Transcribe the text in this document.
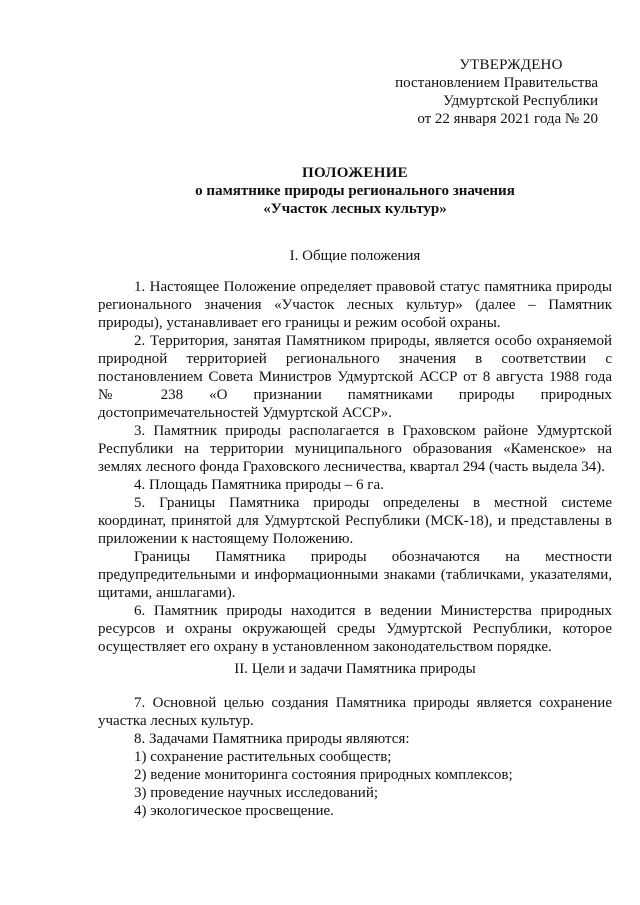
УТВЕРЖДЕНО
постановлением Правительства
Удмуртской Республики
от 22 января 2021 года № 20
ПОЛОЖЕНИЕ
о памятнике природы регионального значения
«Участок лесных культур»
I. Общие положения

1. Настоящее Положение определяет правовой статус памятника природы регионального значения «Участок лесных культур» (далее – Памятник природы), устанавливает его границы и режим особой охраны.

2. Территория, занятая Памятником природы, является особо охраняемой природной территорией регионального значения в соответствии с постановлением Совета Министров Удмуртской АССР от 8 августа 1988 года № 238 «О признании памятниками природы природных достопримечательностей Удмуртской АССР».

3. Памятник природы располагается в Граховском районе Удмуртской Республики на территории муниципального образования «Каменское» на землях лесного фонда Граховского лесничества, квартал 294 (часть выдела 34).

4. Площадь Памятника природы – 6 га.

5. Границы Памятника природы определены в местной системе координат, принятой для Удмуртской Республики (МСК-18), и представлены в приложении к настоящему Положению.

Границы Памятника природы обозначаются на местности предупредительными и информационными знаками (табличками, указателями, щитами, аншлагами).

6. Памятник природы находится в ведении Министерства природных ресурсов и охраны окружающей среды Удмуртской Республики, которое осуществляет его охрану в установленном законодательством порядке.

II. Цели и задачи Памятника природы

7. Основной целью создания Памятника природы является сохранение участка лесных культур.

8. Задачами Памятника природы являются:

1) сохранение растительных сообществ;

2) ведение мониторинга состояния природных комплексов;

3) проведение научных исследований;

4) экологическое просвещение.
